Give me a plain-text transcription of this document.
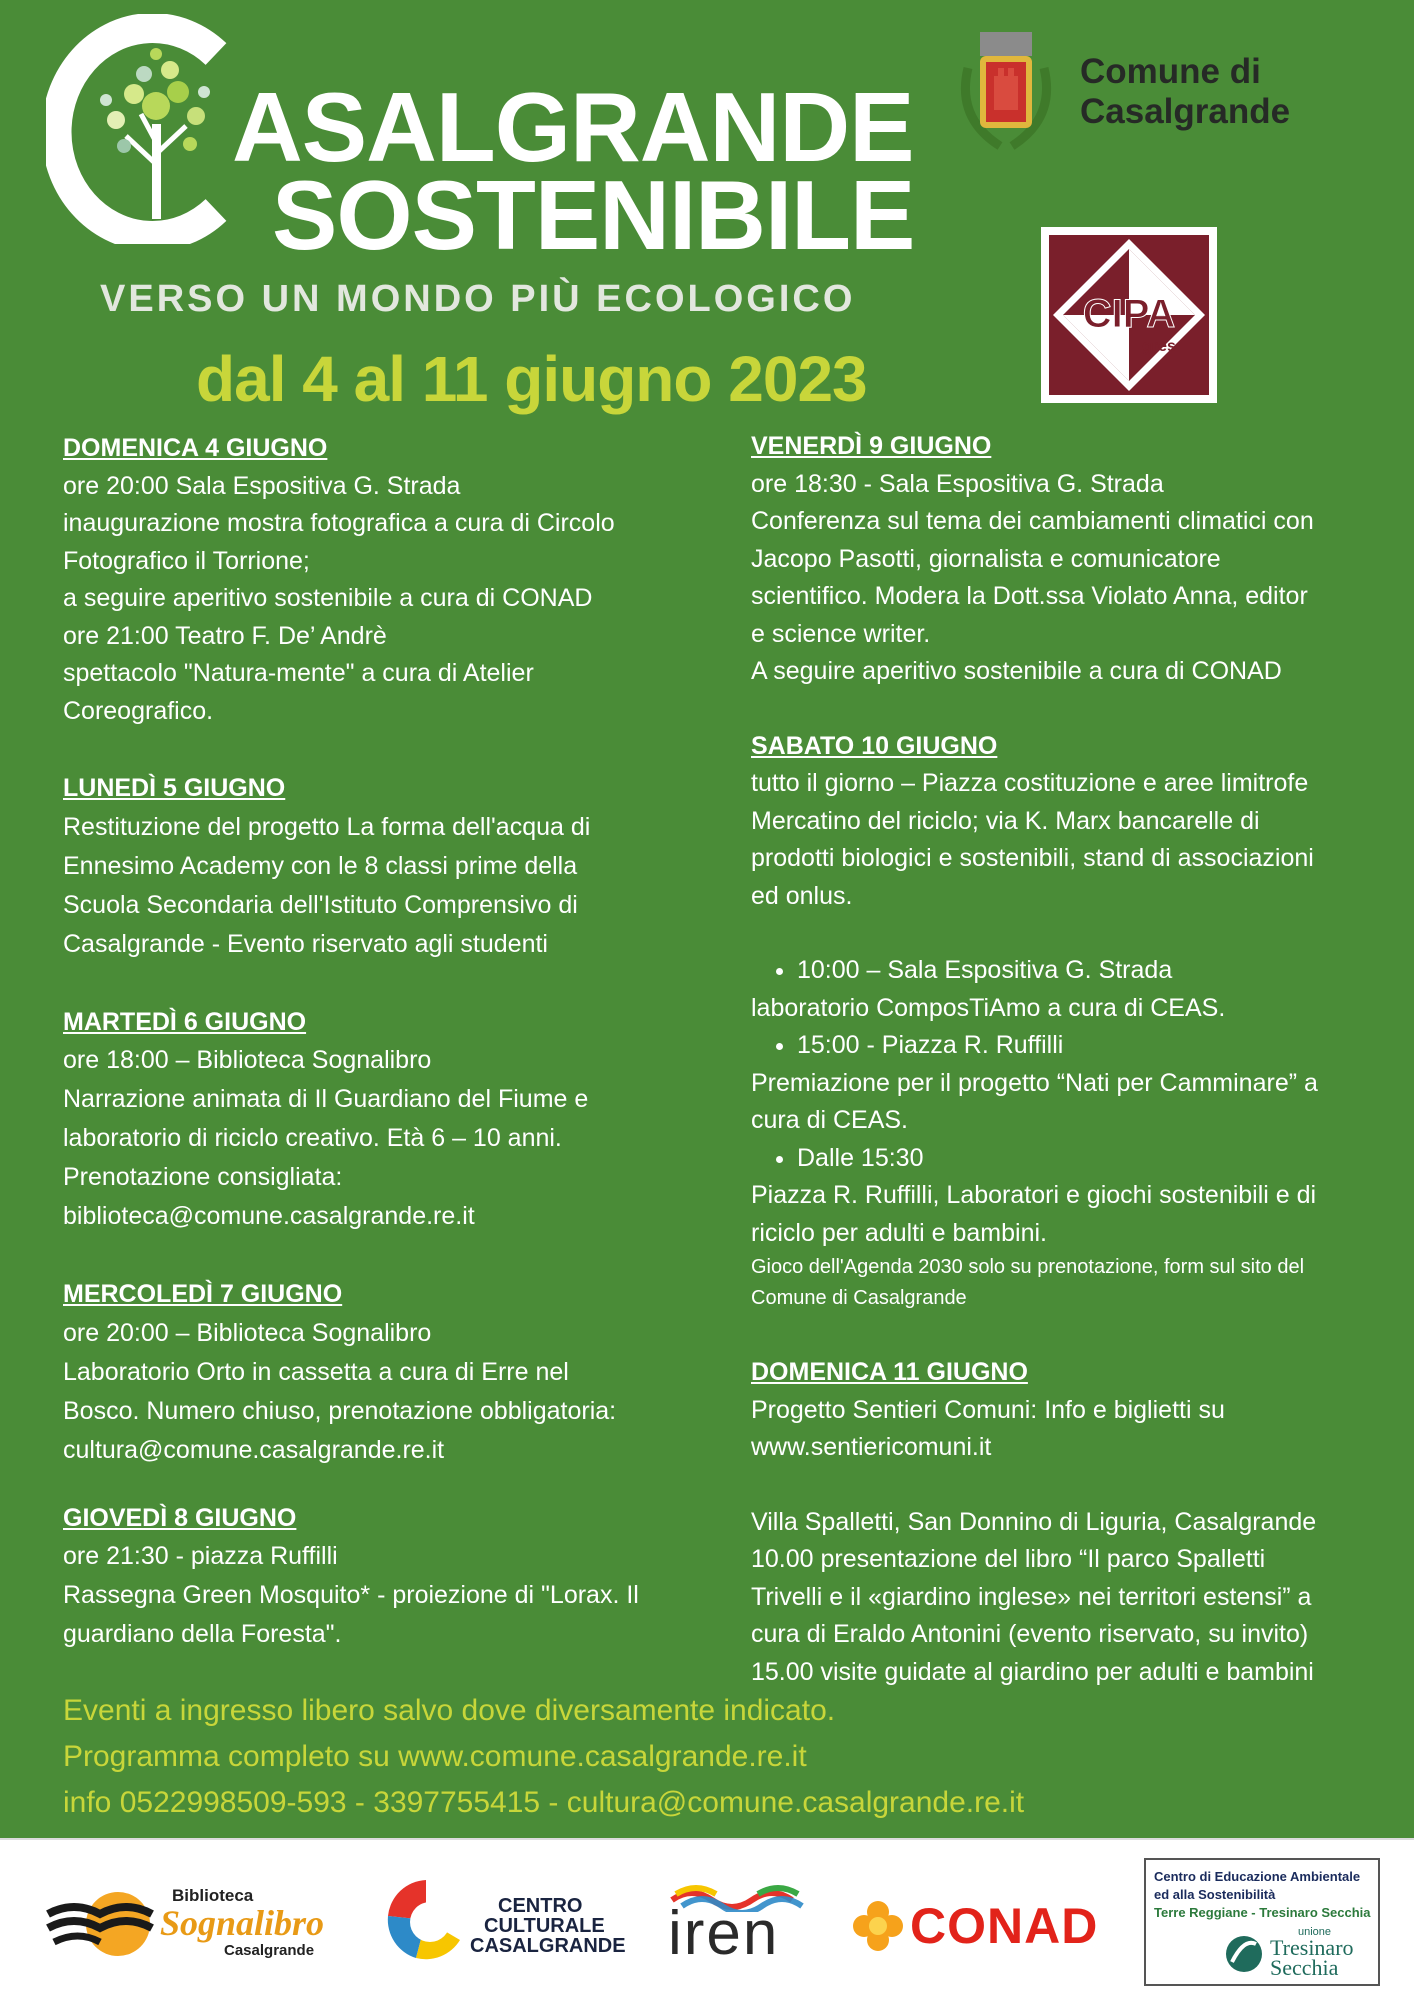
ASALGRANDE
SOSTENIBILE
VERSO UN MONDO PIÙ ECOLOGICO
dal 4 al 11 giugno 2023
Comune di
Casalgrande
CIPA
gres

DOMENICA 4 GIUGNO

ore 20:00 Sala Espositiva G. Strada

inaugurazione mostra fotografica a cura di Circolo

Fotografico il Torrione;

a seguire aperitivo sostenibile a cura di CONAD

ore 21:00 Teatro F. De’ Andrè

spettacolo "Natura-mente" a cura di Atelier

Coreografico.

LUNEDÌ 5 GIUGNO

Restituzione del progetto La forma dell'acqua di

Ennesimo Academy con le 8 classi prime della

Scuola Secondaria dell'Istituto Comprensivo di

Casalgrande - Evento riservato agli studenti

MARTEDÌ 6 GIUGNO

ore 18:00 – Biblioteca Sognalibro

Narrazione animata di Il Guardiano del Fiume e

laboratorio di riciclo creativo. Età 6 – 10 anni.

Prenotazione consigliata:

biblioteca@comune.casalgrande.re.it

MERCOLEDÌ 7 GIUGNO

ore 20:00 – Biblioteca Sognalibro

Laboratorio Orto in cassetta a cura di Erre nel

Bosco. Numero chiuso, prenotazione obbligatoria:

cultura@comune.casalgrande.re.it

GIOVEDÌ 8 GIUGNO

ore 21:30 - piazza Ruffilli

Rassegna Green Mosquito* - proiezione di "Lorax. Il

guardiano della Foresta".

VENERDÌ 9 GIUGNO

ore 18:30 - Sala Espositiva G. Strada

Conferenza sul tema dei cambiamenti climatici con

Jacopo Pasotti, giornalista e comunicatore

scientifico. Modera la Dott.ssa Violato Anna, editor

e science writer.

A seguire aperitivo sostenibile a cura di CONAD

SABATO 10 GIUGNO

tutto il giorno – Piazza costituzione e aree limitrofe

Mercatino del riciclo; via K. Marx bancarelle di

prodotti biologici e sostenibili, stand di associazioni

ed onlus.

• 10:00 – Sala Espositiva G. Strada

laboratorio ComposTiAmo a cura di CEAS.

• 15:00 - Piazza R. Ruffilli

Premiazione per il progetto “Nati per Camminare” a

cura di CEAS.

• Dalle 15:30

Piazza R. Ruffilli, Laboratori e giochi sostenibili e di

riciclo per adulti e bambini.

Gioco dell'Agenda 2030 solo su prenotazione, form sul sito del

Comune di Casalgrande

DOMENICA 11 GIUGNO

Progetto Sentieri Comuni: Info e biglietti su

www.sentiericomuni.it

Villa Spalletti, San Donnino di Liguria, Casalgrande

10.00 presentazione del libro “Il parco Spalletti

Trivelli e il «giardino inglese» nei territori estensi” a

cura di Eraldo Antonini (evento riservato, su invito)

15.00 visite guidate al giardino per adulti e bambini

Eventi a ingresso libero salvo dove diversamente indicato.

Programma completo su www.comune.casalgrande.re.it

info 0522998509-593 - 3397755415 - cultura@comune.casalgrande.re.it

Biblioteca
Sognalibro
Casalgrande
CENTRO
CULTURALE
CASALGRANDE iren	CONAD
Centro di Educazione Ambientale
ed alla Sostenibilità
Terre Reggiane - Tresinaro Secchia
unione
Tresinaro
Secchia
